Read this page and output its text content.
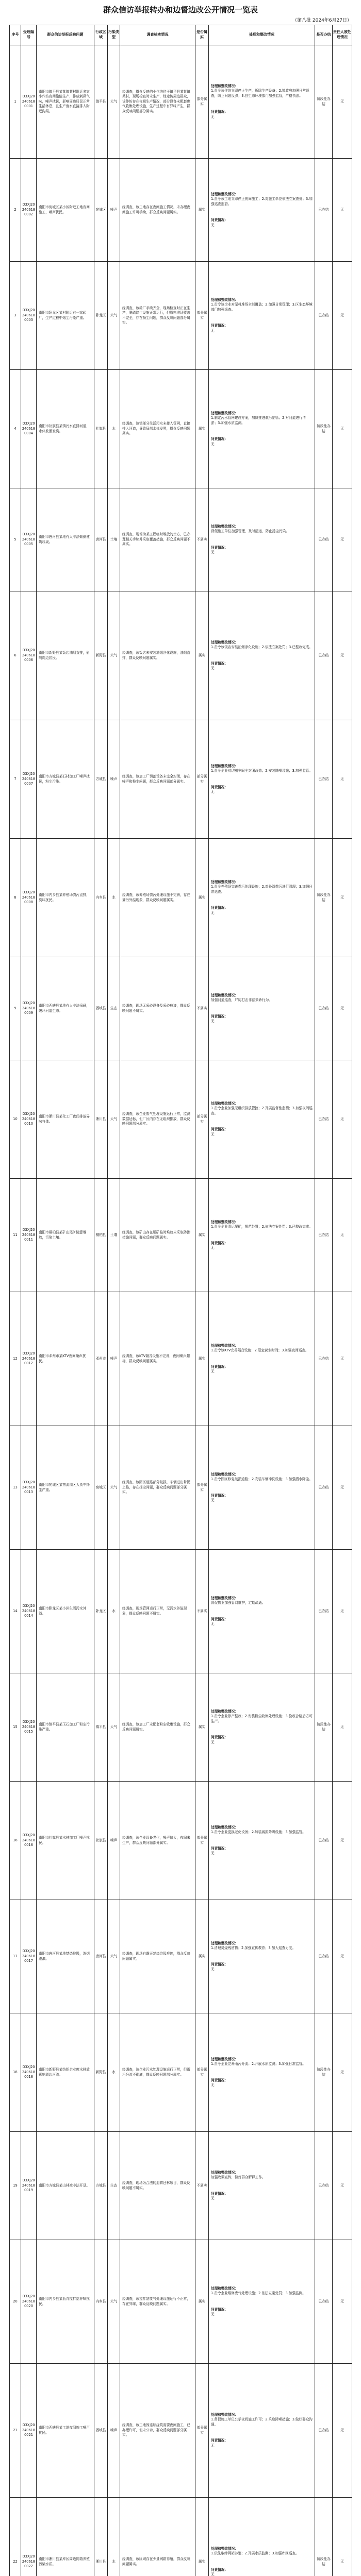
群众信访举报转办和边督边改公开情况一览表
（第八批 2024年6月27日）
序号	受理编号	群众信访举报反映问题	行政区域	污染类型	调查核实情况	是否属实	处理和整改情况	是否办结	责任人被处理情况
1	D3XJ202406180001	南阳市镇平县某某镇某村附近多家小作坊夜间偷偷生产，排放刺鼻气味，噪声扰民，影响周边居民正常生活休息，且生产废水直接排入附近沟渠。	镇平县	大气	经调查，群众反映的小作坊位于镇平县某某镇某村，现场检查时未生产，经走访周边群众，该作坊存在夜间生产情况，部分设备未配套废气收集处理设施，生产过程中有异味产生，群众反映问题部分属实。	部分属实	处理和整改情况：
1.责令该作坊立即停止生产，拆除生产设备；2.镇政府加强日常巡查，防止问题反弹；3.县生态环境部门加强监管，严格执法。
问责情况：
无	阶段性办结	无
2	D3XJ202406180002	南阳市宛城区某小区附近工地夜间施工，噪声扰民。	宛城区	噪声	经调查，该工地存在夜间施工情况，未办理夜间施工许可手续，群众反映问题属实。	属实	处理和整改情况：
1.责令该工地立即停止夜间施工；2.对施工单位依法立案查处；3.加强巡查监管。
问责情况：
无	已办结	无
3	D3XJ202406180003	南阳市卧龙区某村附近有一家砖厂，生产过程中烟尘污染严重。	卧龙区	大气	经调查，该砖厂手续齐全，现场检查时正在生产，脱硫除尘设施正常运行，但原料堆场覆盖不完全，存在扬尘问题，群众反映问题部分属实。	部分属实	处理和整改情况：
1.责令该企业对原料堆场全部覆盖；2.加强日常管理；3.区生态环境部门加强巡查。
问责情况：
无	已办结	无
4	D3XJ202406180004	南阳市社旗县某镇污水直排河道，水体发黑发臭。	社旗县	水	经调查，该镇部分生活污水未接入管网，直接排入河道，导致局部水体发黑，群众反映问题属实。	属实	处理和整改情况：
1.制定污水管网建设方案，加快推进截污纳管；2.对河道进行清淤；3.加强水质监测。
问责情况：
无	阶段性办结	无
5	D3XJ202406180005	南阳市唐河县某地有人非法倾倒建筑垃圾。	唐河县	土壤	经调查，现场为某工程临时堆放的土方，已办理相关手续并采取覆盖措施，群众反映问题不属实。	不属实	处理和整改情况：
督促施工单位加强管理，及时清运，防止扬尘污染。
问责情况：
无	已办结	无
6	D3XJ202406180006	南阳市新野县某饭店油烟直排，影响周边居民。	新野县	大气	经调查，该饭店未安装油烟净化设施，油烟直排，群众反映问题属实。	属实	处理和整改情况：
1.责令该饭店安装油烟净化设施；2.依法立案处罚；3.已整改完成。
问责情况：
无	已办结	无
7	D3XJ202406180007	南阳市方城县某石材加工厂噪声扰民，粉尘污染。	方城县	噪声	经调查，该加工厂切割设备未完全封闭，存在噪声和粉尘问题，群众反映问题部分属实。	部分属实	处理和整改情况：
1.责令企业对切割车间全封闭改造；2.安装降噪设施；3.加强监管。
问责情况：
无	已办结	无
8	D3XJ202406180008	南阳市内乡县某养殖场粪污直排，臭味扰民。	内乡县	水	经调查，该养殖场粪污处理设施不完善，存在粪污外溢现象，群众反映问题属实。	属实	处理和整改情况：
1.责令养殖场完善粪污处理设施；2.对外溢粪污进行清理；3.加强日常巡查。
问责情况：
无	阶段性办结	无
9	D3XJ202406180009	南阳市西峡县某地有人非法采砂，破坏河道生态。	西峡县	生态	经调查，现场无采砂设备及采砂痕迹，群众反映问题不属实。	不属实	处理和整改情况：
加强河道巡查，严厉打击非法采砂行为。
问责情况：
无	已办结	无
10	D3XJ202406180010	南阳市淅川县某化工厂夜间排放异味气体。	淅川县	大气	经调查，该企业废气处理设施运行正常，监测数据达标，但厂区内存在无组织排放，群众反映问题部分属实。	部分属实	处理和整改情况：
1.责令企业加强无组织排放管控；2.开展监督性监测；3.加强夜间巡查。
问责情况：
无	已办结	无
11	D3XJ202406180011	南阳市桐柏县某矿山尾矿随意堆放，污染土壤。	桐柏县	土壤	经调查，该矿山存在尾矿临时堆放未采取防渗措施问题，群众反映问题属实。	属实	处理和整改情况：
1.责令企业清运尾矿，规范处置；2.依法立案处罚；3.已整改完成。
问责情况：
无	已办结	无
12	D3XJ202406180012	南阳市邓州市某KTV夜间噪声扰民。	邓州市	噪声	经调查，该KTV隔音设施不完善，夜间噪声超标，群众反映问题属实。	属实	处理和整改情况：
1.责令该KTV完善隔音设施；2.限定营业时间；3.加强夜间巡查。
问责情况：
无	已办结	无
13	D3XJ202406180013	南阳市宛城区某物流园区大货车扬尘严重。	宛城区	大气	经调查，该园区道路部分破损，车辆进出带泥上路，存在扬尘问题，群众反映问题部分属实。	部分属实	处理和整改情况：
1.责令园区修复破损道路；2.安装车辆冲洗设施；3.加强洒水降尘。
问责情况：
无	已办结	无
14	D3XJ202406180014	南阳市卧龙区某小区生活污水外溢。	卧龙区	水	经调查，现场管网运行正常，无污水外溢现象，群众反映问题不属实。	不属实	处理和整改情况：
督促物业加强管网维护，定期疏通。
问责情况：
无	已办结	无
15	D3XJ202406180015	南阳市镇平县某玉石加工厂粉尘污染严重。	镇平县	大气	经调查，该加工厂未配套粉尘收集设施，群众反映问题属实。	属实	处理和整改情况：
1.责令企业停产整改；2.安装粉尘收集处理设施；3.验收合格后方可生产。
问责情况：
无	阶段性办结	无
16	D3XJ202406180016	南阳市社旗县某木材加工厂噪声扰民。	社旗县	噪声	经调查，该企业设备老化，噪声偏大，夜间未生产，群众反映问题部分属实。	部分属实	处理和整改情况：
1.责令企业更换老化设备；2.加装减振降噪设施；3.加强监管。
问责情况：
无	已办结	无
17	D3XJ202406180017	南阳市唐河县某地焚烧垃圾，浓烟滚滚。	唐河县	大气	经调查，现场有露天焚烧垃圾痕迹，群众反映问题属实。	属实	处理和整改情况：
1.清理焚烧残留物；2.加强宣传教育；3.加大巡查力度。
问责情况：
无	已办结	无
18	D3XJ202406180018	南阳市新野县某纺织企业废水排放影响周边河流。	新野县	水	经调查，该企业污水处理设施运行正常，但雨污分流不彻底，群众反映问题部分属实。	部分属实	处理和整改情况：
1.责令企业完善雨污分流；2.开展水质监测；3.加强日常监管。
问责情况：
无	阶段性办结	无
19	D3XJ202406180019	南阳市方城县某山林被非法开垦。	方城县	生态	经调查，现场为合法的退耕还林项目，群众反映问题不属实。	不属实	处理和整改情况：
加强政策宣传，做好群众解释工作。
问责情况：
无	已办结	无
20	D3XJ202406180020	南阳市内乡县某沥青搅拌站异味扰民。	内乡县	大气	经调查，该搅拌站废气处理设施运行不正常，存在异味，群众反映问题属实。	属实	处理和整改情况：
1.责令企业维修废气处理设施；2.依法立案处罚；3.加强监测。
问责情况：
无	已办结	无
21	D3XJ202406180021	南阳市西峡县某工地夜间施工噪声扰民。	西峡县	噪声	经调查，该工地因连续浇筑需要夜间施工，已办理许可，但未公示，群众反映问题部分属实。	部分属实	处理和整改情况：
1.督促施工单位公示夜间施工许可；2.采取降噪措施；3.做好群众沟通。
问责情况：
无	已办结	无
22	D3XJ202406180022	南阳市淅川县某库区周边网箱养殖污染水质。	淅川县	水	经调查，该区域存在少量网箱养殖，群众反映问题属实。	属实	处理和整改情况：
1.依法取缔网箱养殖；2.开展水质监测；3.加强库区巡查。
问责情况：
无	阶段性办结	无
